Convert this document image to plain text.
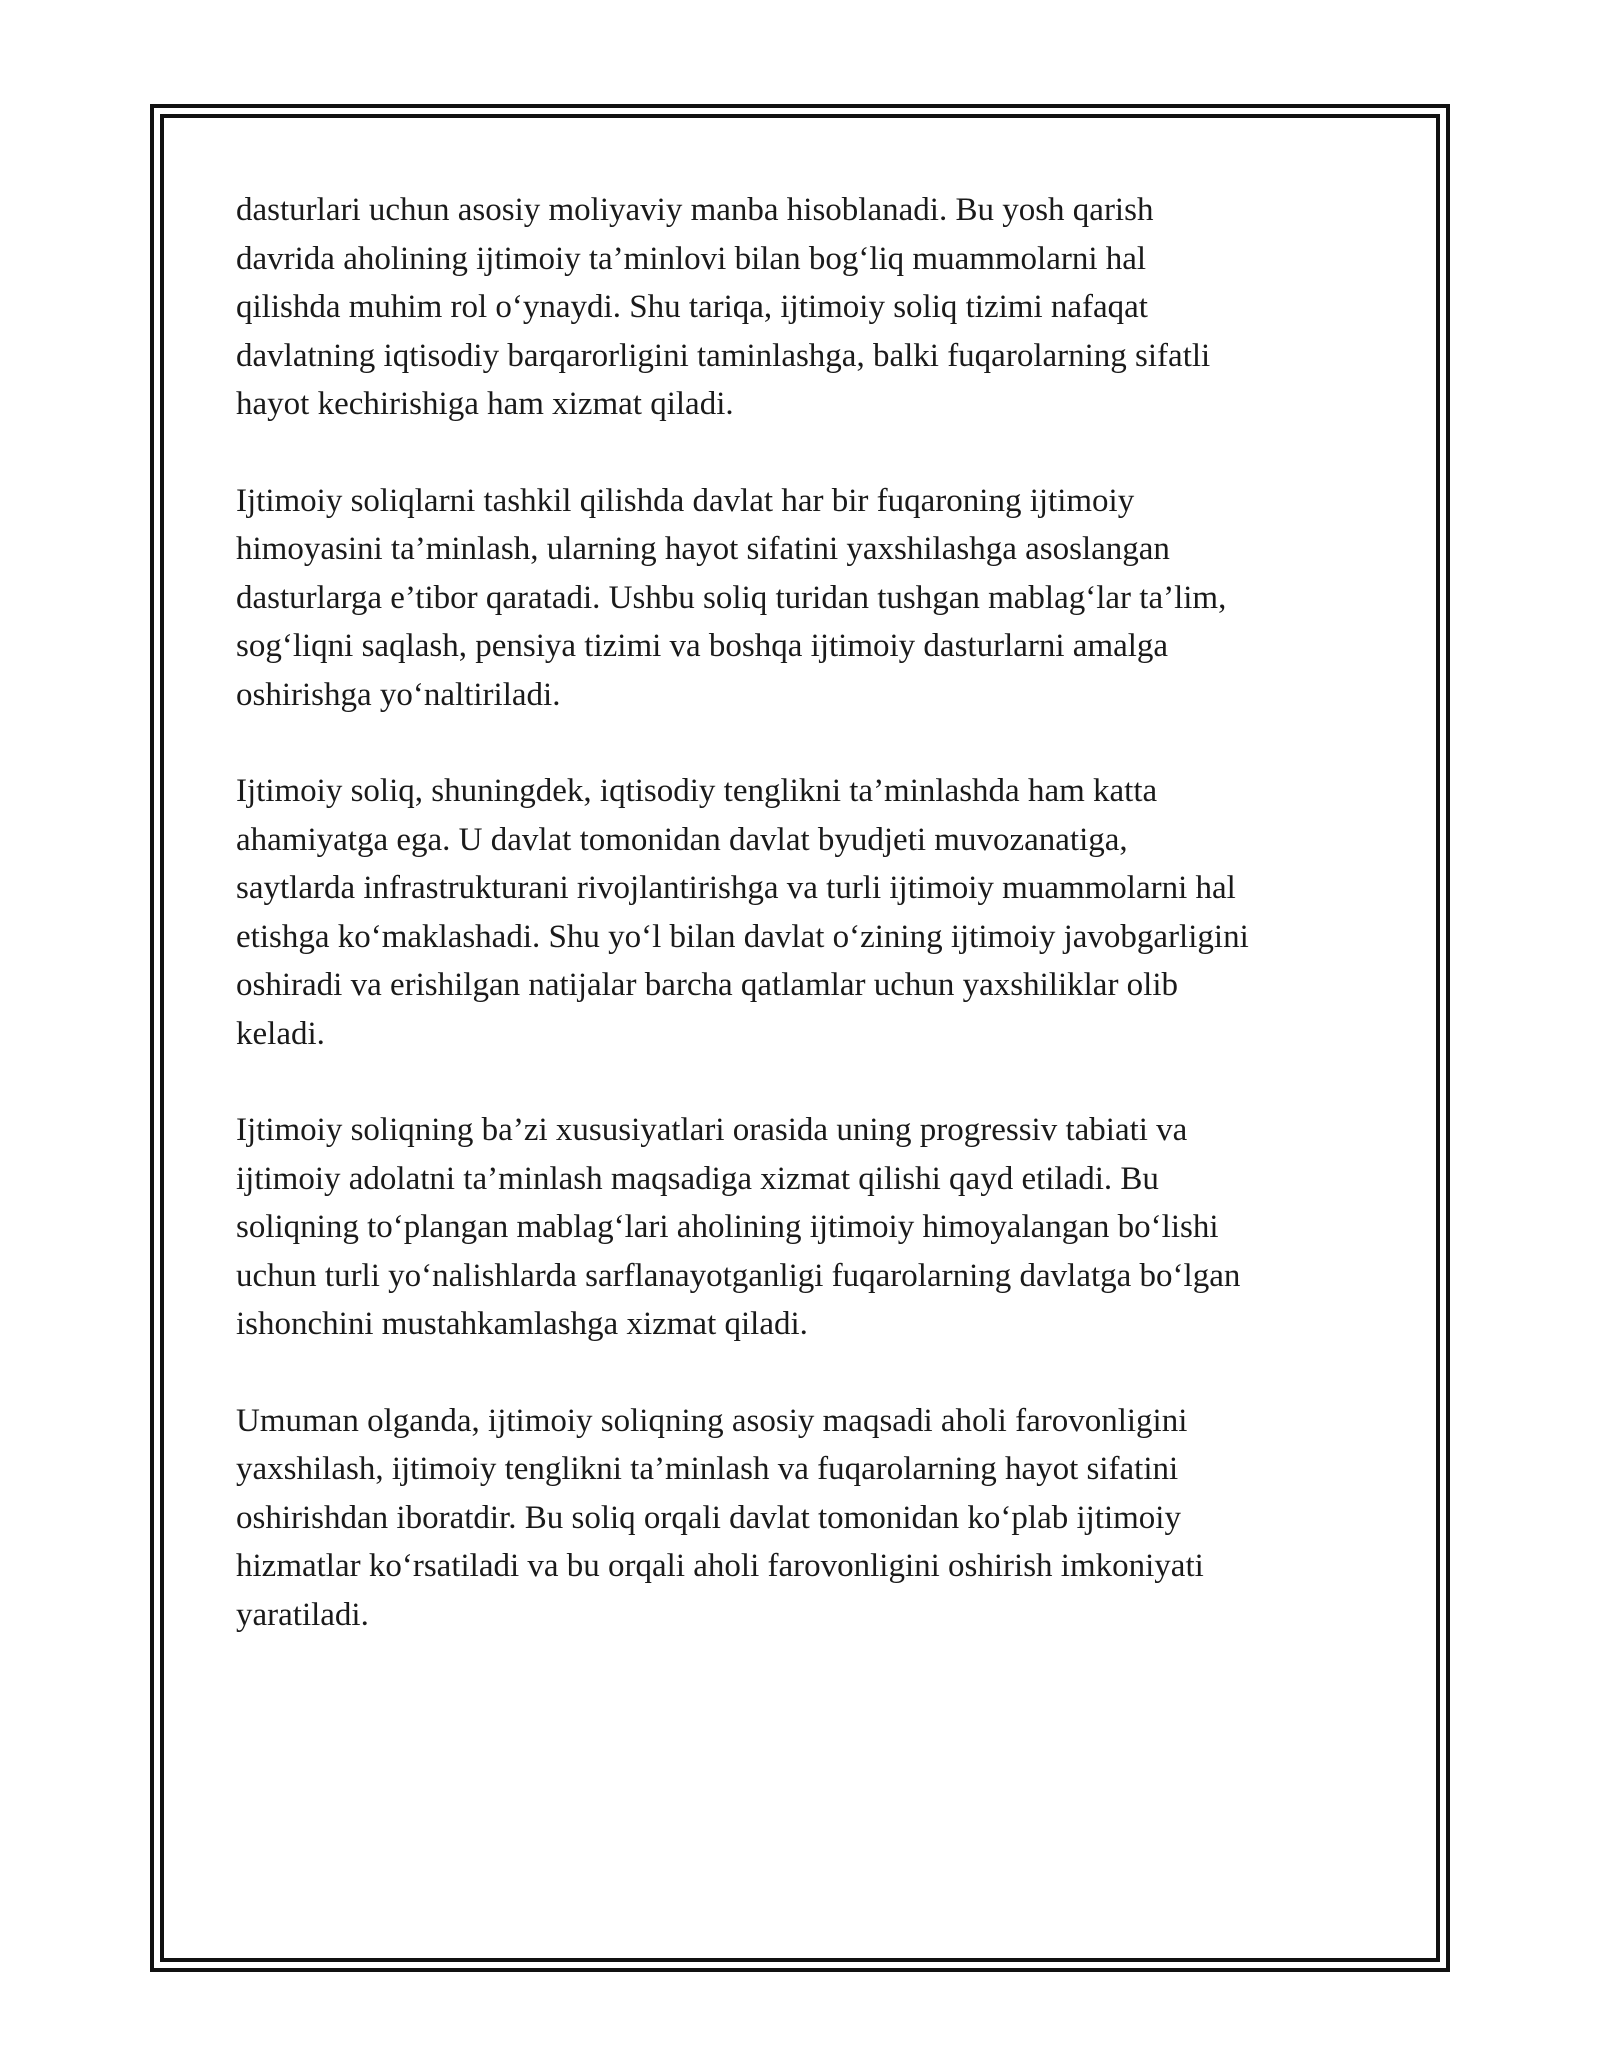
dasturlari uchun asosiy moliyaviy manba hisoblanadi. Bu yosh qarish
davrida aholining ijtimoiy ta’minlovi bilan bog‘liq muammolarni hal
qilishda muhim rol o‘ynaydi. Shu tariqa, ijtimoiy soliq tizimi nafaqat
davlatning iqtisodiy barqarorligini taminlashga, balki fuqarolarning sifatli
hayot kechirishiga ham xizmat qiladi.

Ijtimoiy soliqlarni tashkil qilishda davlat har bir fuqaroning ijtimoiy
himoyasini ta’minlash, ularning hayot sifatini yaxshilashga asoslangan
dasturlarga e’tibor qaratadi. Ushbu soliq turidan tushgan mablag‘lar ta’lim,
sog‘liqni saqlash, pensiya tizimi va boshqa ijtimoiy dasturlarni amalga
oshirishga yo‘naltiriladi.

Ijtimoiy soliq, shuningdek, iqtisodiy tenglikni ta’minlashda ham katta
ahamiyatga ega. U davlat tomonidan davlat byudjeti muvozanatiga,
saytlarda infrastrukturani rivojlantirishga va turli ijtimoiy muammolarni hal
etishga ko‘maklashadi. Shu yo‘l bilan davlat o‘zining ijtimoiy javobgarligini
oshiradi va erishilgan natijalar barcha qatlamlar uchun yaxshiliklar olib
keladi.

Ijtimoiy soliqning ba’zi xususiyatlari orasida uning progressiv tabiati va
ijtimoiy adolatni ta’minlash maqsadiga xizmat qilishi qayd etiladi. Bu
soliqning to‘plangan mablag‘lari aholining ijtimoiy himoyalangan bo‘lishi
uchun turli yo‘nalishlarda sarflanayotganligi fuqarolarning davlatga bo‘lgan
ishonchini mustahkamlashga xizmat qiladi.

Umuman olganda, ijtimoiy soliqning asosiy maqsadi aholi farovonligini
yaxshilash, ijtimoiy tenglikni ta’minlash va fuqarolarning hayot sifatini
oshirishdan iboratdir. Bu soliq orqali davlat tomonidan ko‘plab ijtimoiy
hizmatlar ko‘rsatiladi va bu orqali aholi farovonligini oshirish imkoniyati
yaratiladi.
